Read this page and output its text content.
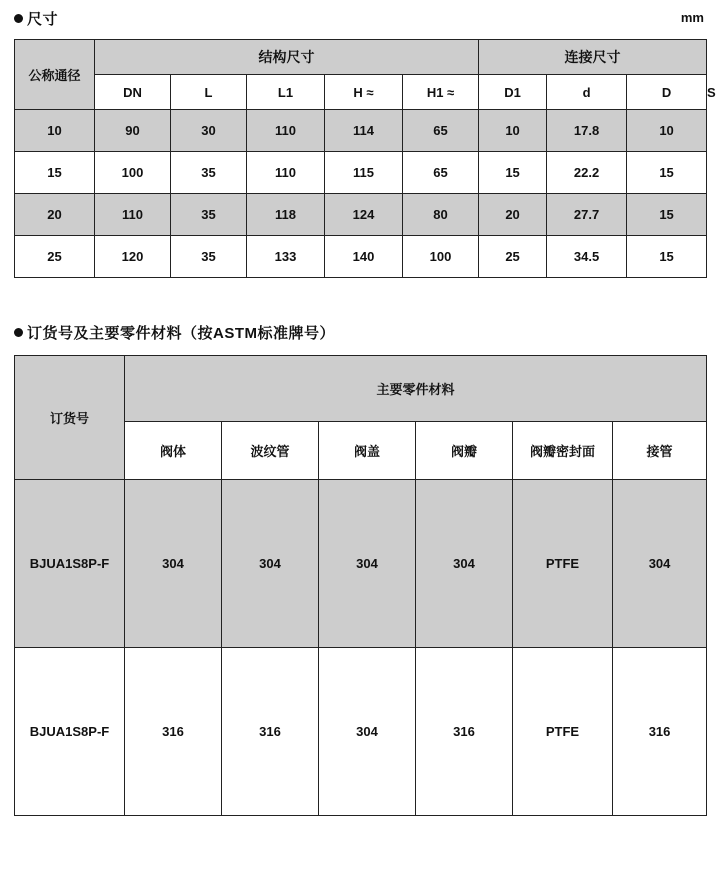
mm
尺寸
公称通径	结构尺寸					连接尺寸			
	DN	L	L1	H ≈	H1 ≈	D1	d	D	S
10	90	30	110	114	65	10	17.8	10	
15	100	35	110	115	65	15	22.2	15	
20	110	35	118	124	80	20	27.7	15	
25	120	35	133	140	100	25	34.5	15	
订货号及主要零件材料（按ASTM标准牌号）
订货号	主要零件材料					
	阀体	波纹管	阀盖	阀瓣	阀瓣密封面	接管
BJUA1S8P-F	304	304	304	304	PTFE	304
BJUA1S8P-F	316	316	304	316	PTFE	316
